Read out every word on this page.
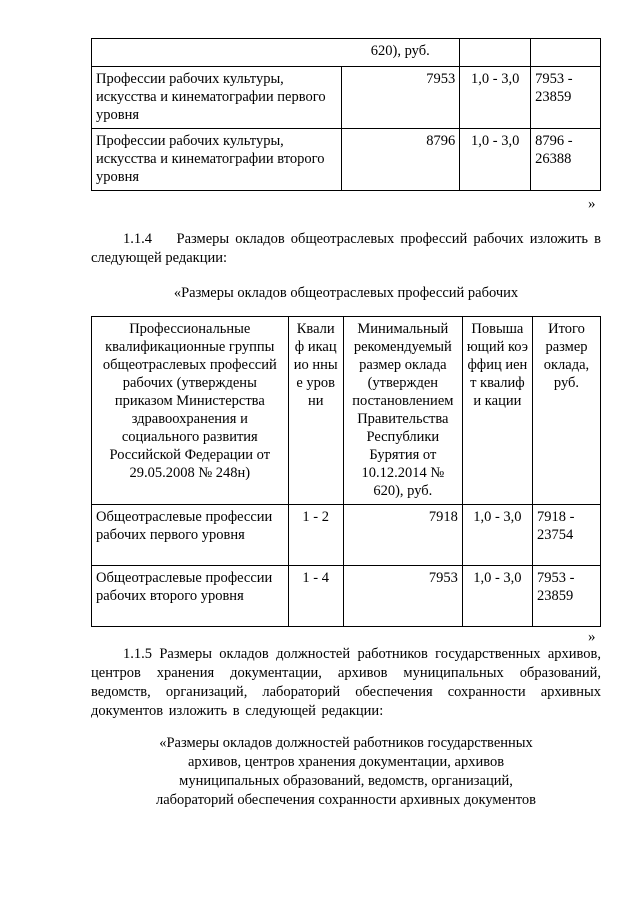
	620), руб.		
Профессии рабочих культуры, искусства и кинематографии первого уровня	7953	1,0 - 3,0	7953 - 23859
Профессии рабочих культуры, искусства и кинематографии второго уровня	8796	1,0 - 3,0	8796 - 26388
»

1.1.4 Размеры окладов общеотраслевых профессий рабочих изложить в следующей редакции:

«Размеры окладов общеотраслевых профессий рабочих
Профессиональные квалификационные группы общеотраслевых профессий рабочих (утверждены приказом Министерства здравоохранения и социального развития Российской Федерации от 29.05.2008 № 248н)	Квалиф икацио нные уровни	Минимальный рекомендуемый размер оклада (утвержден постановлением Правительства Республики Бурятия от 10.12.2014 № 620), руб.	Повыша ющий коэффиц иент квалифи кации	Итого размер оклада, руб.
Общеотраслевые профессии рабочих первого уровня	1 - 2	7918	1,0 - 3,0	7918 - 23754
Общеотраслевые профессии рабочих второго уровня	1 - 4	7953	1,0 - 3,0	7953 - 23859
»

1.1.5 Размеры окладов должностей работников государственных архивов, центров хранения документации, архивов муниципальных образований, ведомств, организаций, лабораторий обеспечения сохранности архивных документов изложить в следующей редакции:

«Размеры окладов должностей работников государственных
архивов, центров хранения документации, архивов
муниципальных образований, ведомств, организаций,
лабораторий обеспечения сохранности архивных документов
